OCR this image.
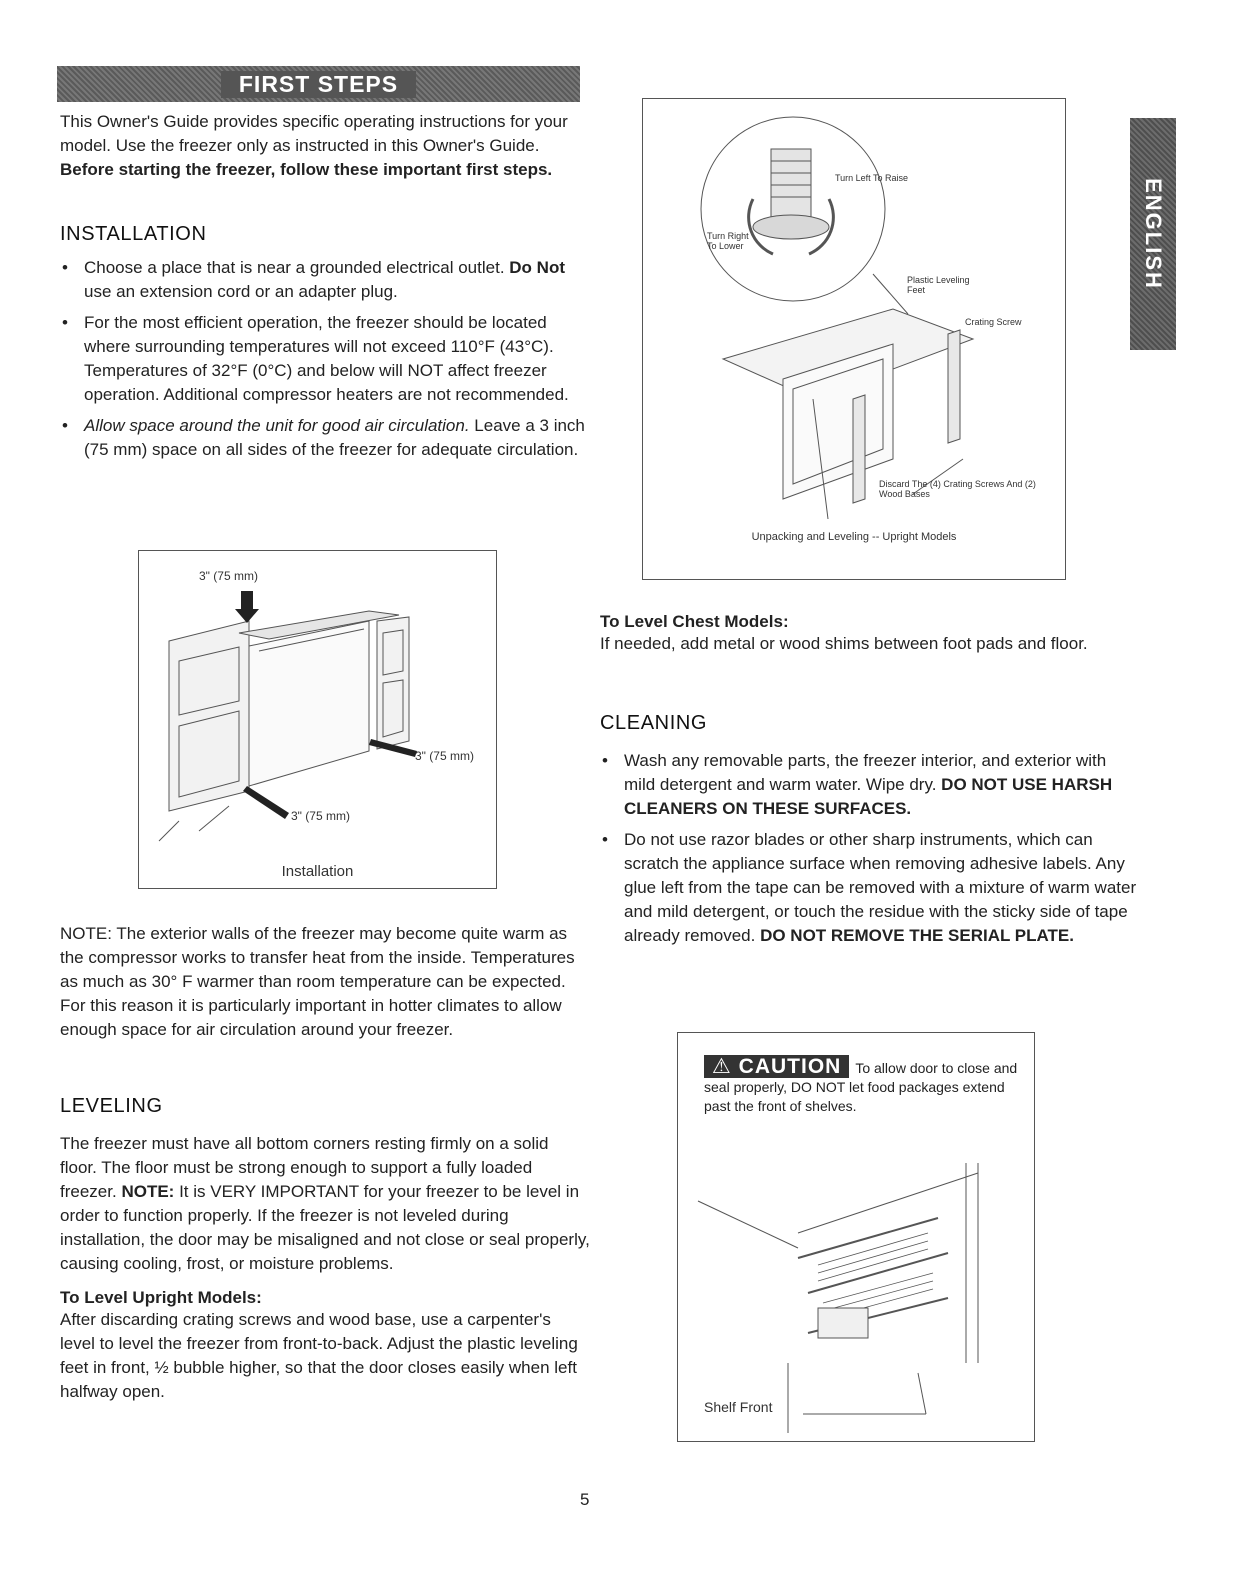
FIRST STEPS
ENGLISH

This Owner's Guide provides specific operating instructions for your model. Use the freezer only as instructed in this Owner's Guide. Before starting the freezer, follow these important first steps.

INSTALLATION
• Choose a place that is near a grounded electrical outlet. Do Not use an extension cord or an adapter plug.
• For the most efficient operation, the freezer should be located where surrounding temperatures will not exceed 110°F (43°C). Temperatures of 32°F (0°C) and below will NOT affect freezer operation. Additional compressor heaters are not recommended.
• Allow space around the unit for good air circulation. Leave a 3 inch (75 mm) space on all sides of the freezer for adequate circulation.
3" (75 mm)
3" (75 mm)
3" (75 mm)
Installation

NOTE: The exterior walls of the freezer may become quite warm as the compressor works to transfer heat from the inside. Temperatures as much as 30° F warmer than room temperature can be expected. For this reason it is particularly important in hotter climates to allow enough space for air circulation around your freezer.

LEVELING

The freezer must have all bottom corners resting firmly on a solid floor. The floor must be strong enough to support a fully loaded freezer. NOTE: It is VERY IMPORTANT for your freezer to be level in order to function properly. If the freezer is not leveled during installation, the door may be misaligned and not close or seal properly, causing cooling, frost, or moisture problems.

To Level Upright Models:

After discarding crating screws and wood base, use a carpenter's level to level the freezer from front-to-back. Adjust the plastic leveling feet in front, ½ bubble higher, so that the door closes easily when left halfway open.

Turn Left To Raise
Turn Right To Lower
Plastic Leveling Feet
Crating Screw
Discard The (4) Crating Screws And (2) Wood Bases
Unpacking and Leveling -- Upright Models
To Level Chest Models:

If needed, add metal or wood shims between foot pads and floor.

CLEANING
• Wash any removable parts, the freezer interior, and exterior with mild detergent and warm water. Wipe dry. DO NOT USE HARSH CLEANERS ON THESE SURFACES.
• Do not use razor blades or other sharp instruments, which can scratch the appliance surface when removing adhesive labels. Any glue left from the tape can be removed with a mixture of warm water and mild detergent, or touch the residue with the sticky side of tape already removed. DO NOT REMOVE THE SERIAL PLATE.
⚠ CAUTION To allow door to close and seal properly, DO NOT let food packages extend past the front of shelves.
Shelf Front
5
